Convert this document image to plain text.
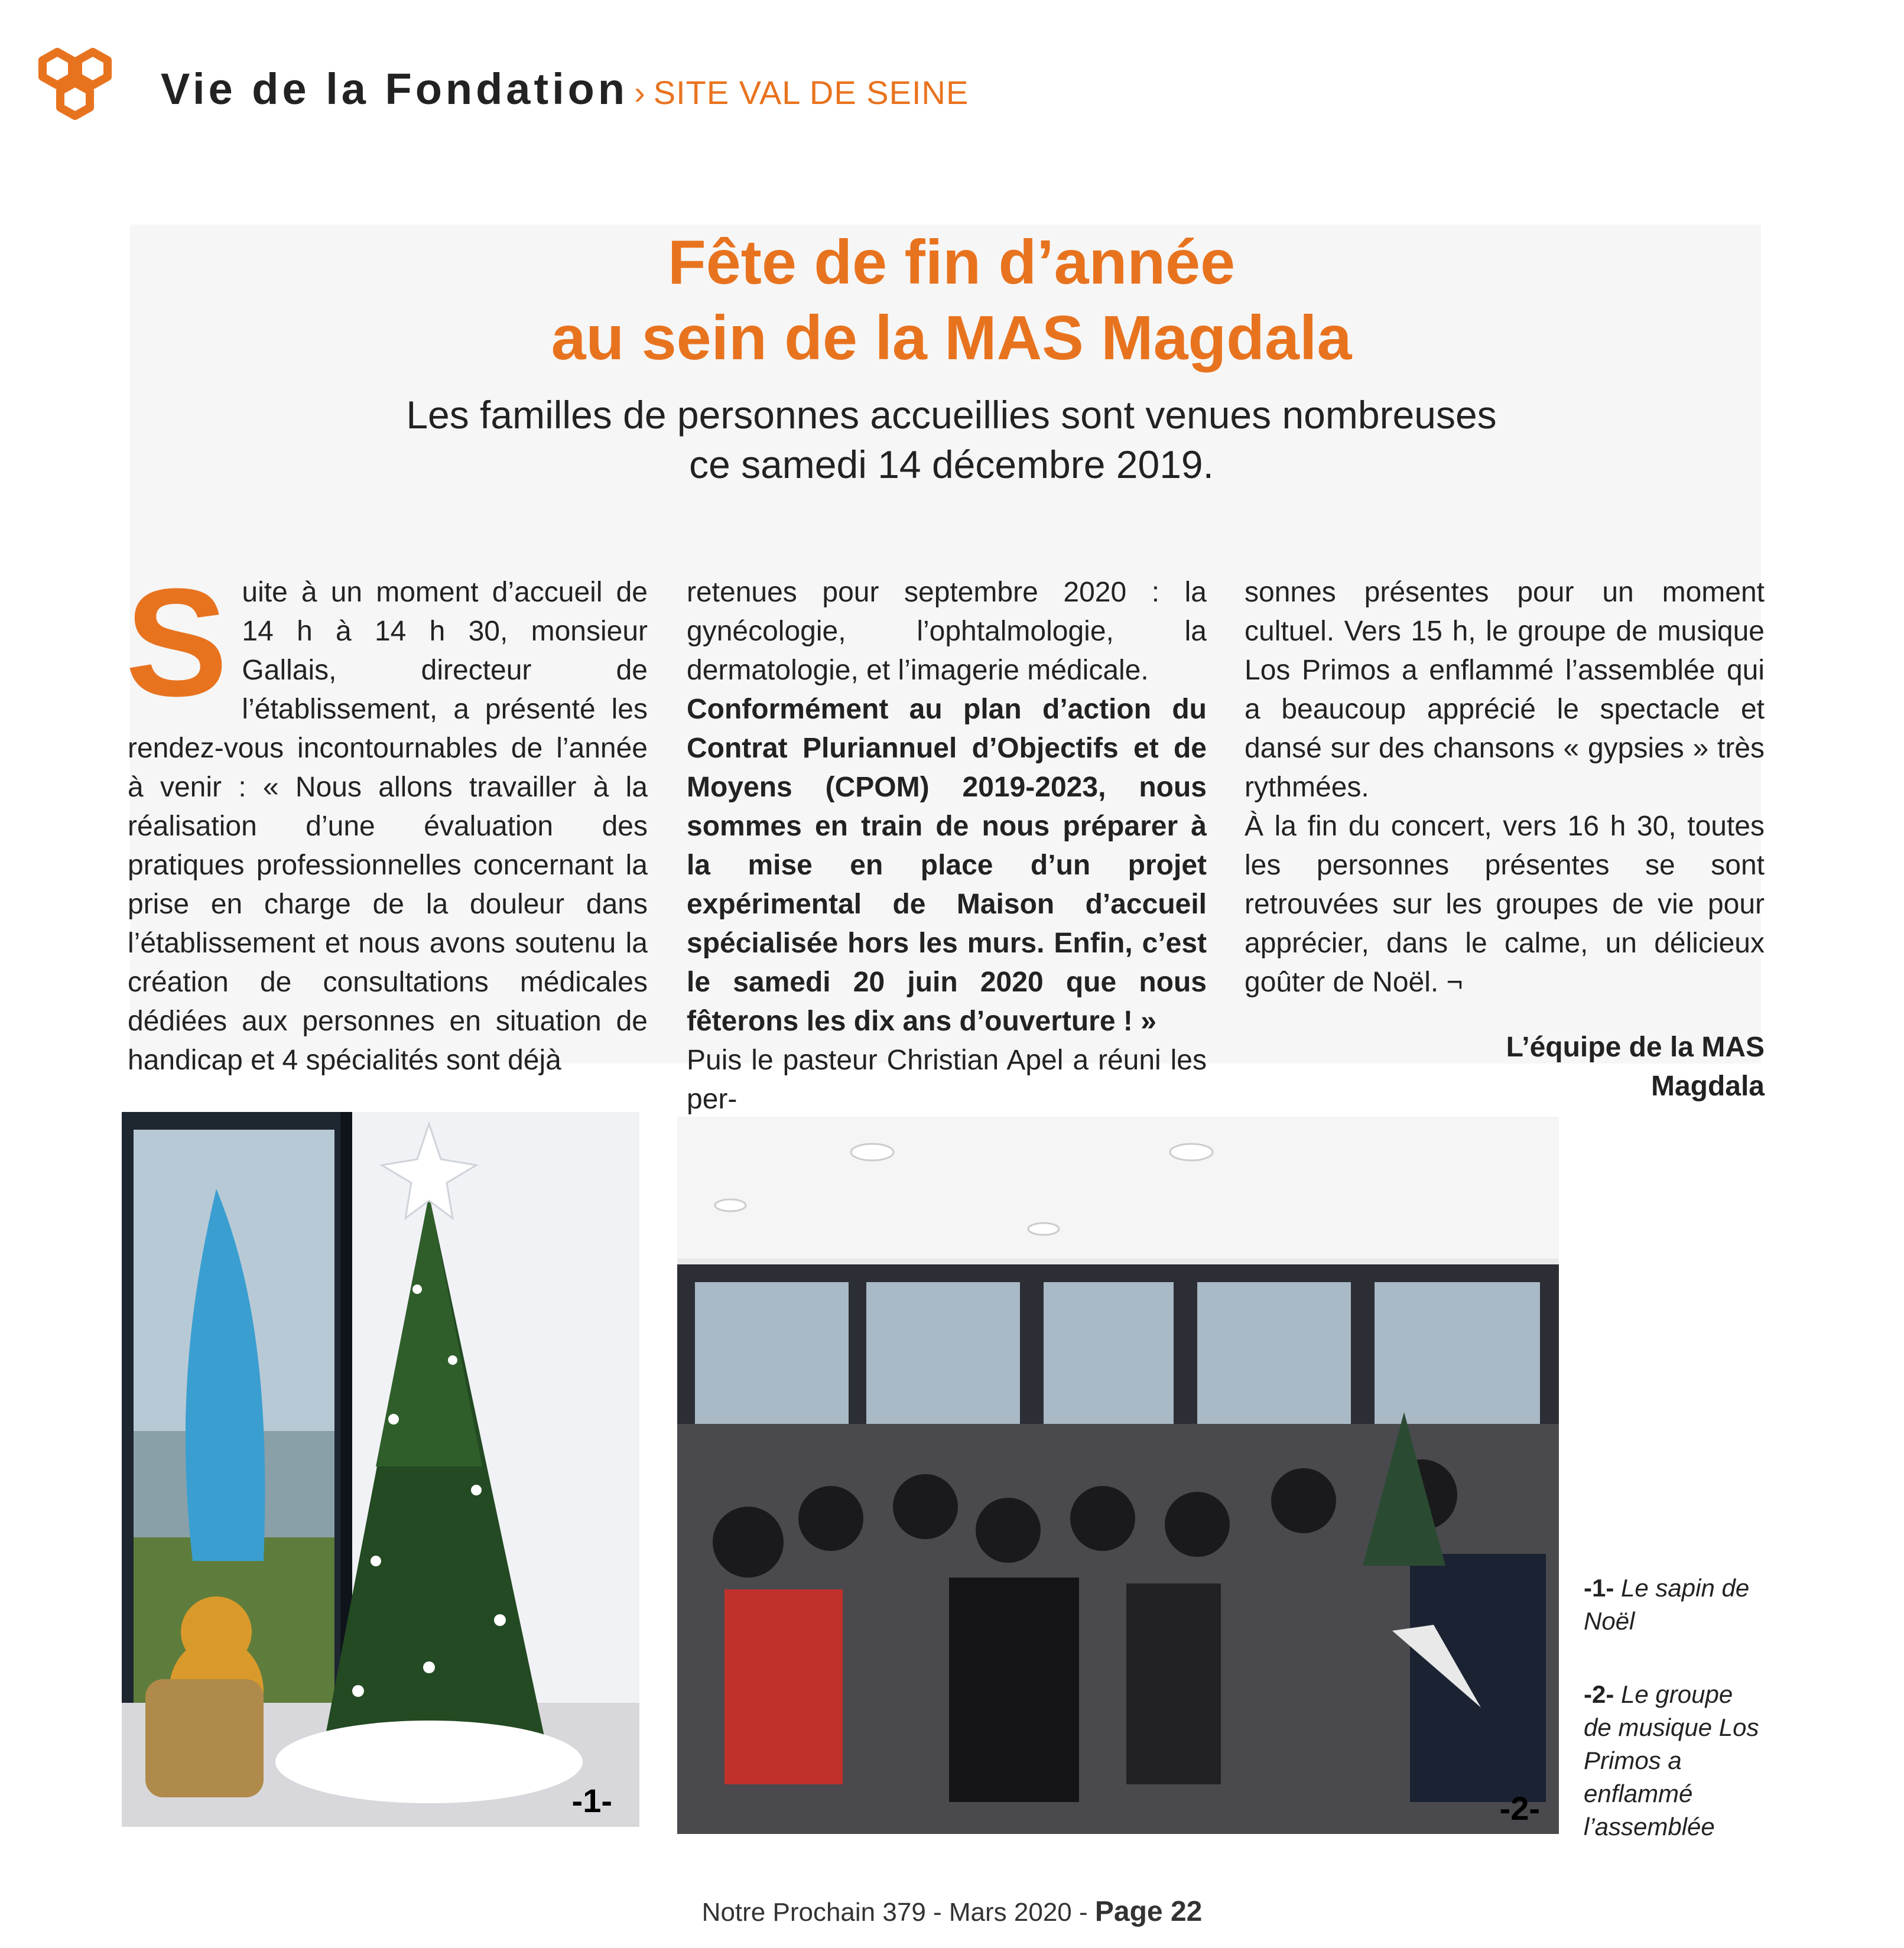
Vie de la Fondation › SITE VAL DE SEINE
Fête de fin d’année
au sein de la MAS Magdala
Les familles de personnes accueillies sont venues nombreuses
ce samedi 14 décembre 2019.
Suite à un moment d’accueil de 14 h à 14 h 30, monsieur Gallais, directeur de l’établissement, a présenté les rendez-vous incontournables de l’année à venir : « Nous allons travailler à la réalisation d’une évaluation des pratiques professionnelles concernant la prise en charge de la douleur dans l’établissement et nous avons soutenu la création de consultations médicales dédiées aux personnes en situation de handicap et 4 spécialités sont déjà
retenues pour septembre 2020 : la gynécologie, l’ophtalmologie, la dermatologie, et l’imagerie médicale.
Conformément au plan d’action du Contrat Pluriannuel d’Objectifs et de Moyens (CPOM) 2019-2023, nous sommes en train de nous préparer à la mise en place d’un projet expérimental de Maison d’accueil spécialisée hors les murs. Enfin, c’est le samedi 20 juin 2020 que nous fêterons les dix ans d’ouverture ! »
Puis le pasteur Christian Apel a réuni les per-
sonnes présentes pour un moment cultuel. Vers 15 h, le groupe de musique Los Primos a enflammé l’assemblée qui a beaucoup apprécié le spectacle et dansé sur des chansons « gypsies » très rythmées.
À la fin du concert, vers 16 h 30, toutes les personnes présentes se sont retrouvées sur les groupes de vie pour apprécier, dans le calme, un délicieux goûter de Noël. ¬
L’équipe de la MAS
Magdala
-1-	-2-
-1- Le sapin de Noël
-2- Le groupe de musique Los Primos a enflammé l’assemblée
Notre Prochain 379 - Mars 2020 - Page 22
